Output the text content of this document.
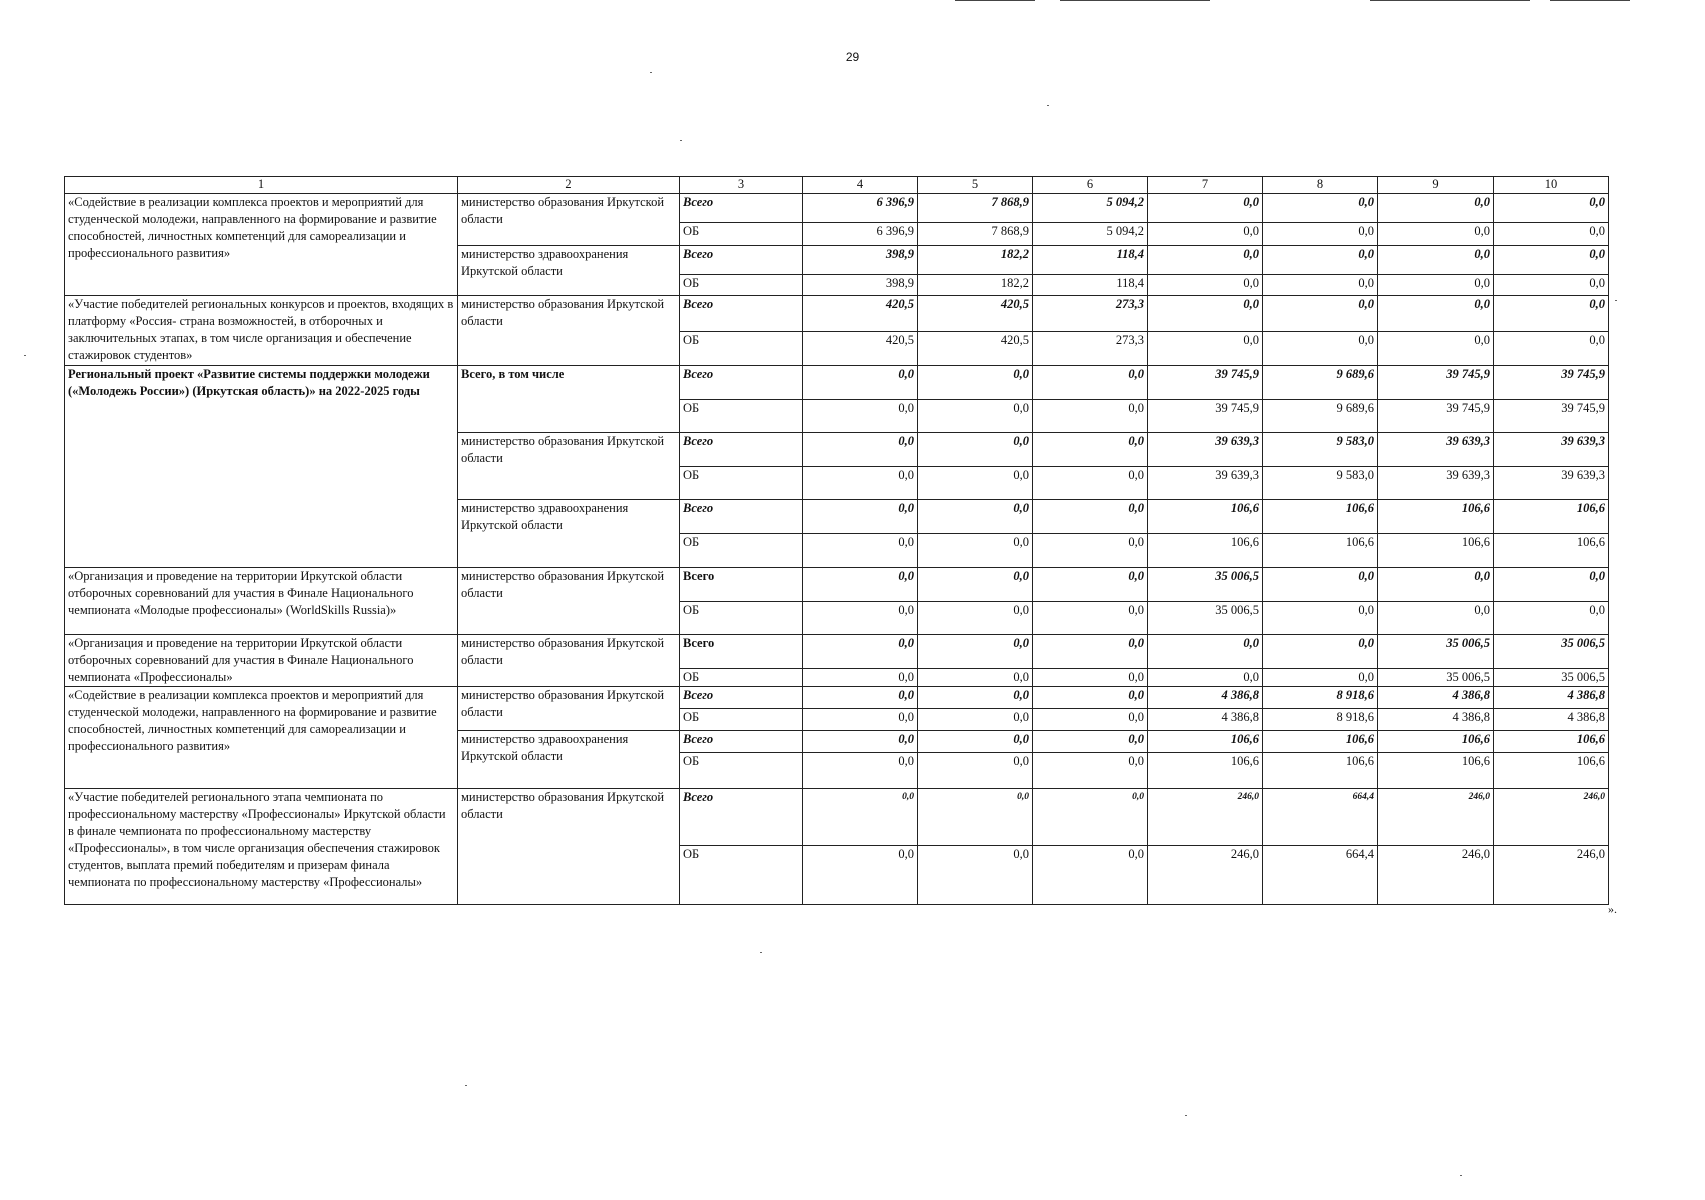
29
1	2	3	4	5	6	7	8	9	10
«Содействие в реализации комплекса проектов и мероприятий для студенческой молодежи, направленного на формирование и развитие способностей, личностных компетенций для самореализации и профессионального развития»	министерство образования Иркутской области	Всего	6 396,9	7 868,9	5 094,2	0,0	0,0	0,0	0,0
		ОБ	6 396,9	7 868,9	5 094,2	0,0	0,0	0,0	0,0
	министерство здравоохранения Иркутской области	Всего	398,9	182,2	118,4	0,0	0,0	0,0	0,0
		ОБ	398,9	182,2	118,4	0,0	0,0	0,0	0,0
«Участие победителей региональных конкурсов и проектов, входящих в платформу «Россия- страна возможностей, в отборочных и заключительных этапах, в том числе организация и обеспечение стажировок студентов»	министерство образования Иркутской области	Всего	420,5	420,5	273,3	0,0	0,0	0,0	0,0
		ОБ	420,5	420,5	273,3	0,0	0,0	0,0	0,0
Региональный проект «Развитие системы поддержки молодежи («Молодежь России») (Иркутская область)» на 2022-2025 годы	Всего, в том числе	Всего	0,0	0,0	0,0	39 745,9	9 689,6	39 745,9	39 745,9
		ОБ	0,0	0,0	0,0	39 745,9	9 689,6	39 745,9	39 745,9
	министерство образования Иркутской области	Всего	0,0	0,0	0,0	39 639,3	9 583,0	39 639,3	39 639,3
		ОБ	0,0	0,0	0,0	39 639,3	9 583,0	39 639,3	39 639,3
	министерство здравоохранения Иркутской области	Всего	0,0	0,0	0,0	106,6	106,6	106,6	106,6
		ОБ	0,0	0,0	0,0	106,6	106,6	106,6	106,6
«Организация и проведение на территории Иркутской области отборочных соревнований для участия в Финале Национального чемпионата «Молодые профессионалы» (WorldSkills Russia)»	министерство образования Иркутской области	Всего	0,0	0,0	0,0	35 006,5	0,0	0,0	0,0
		ОБ	0,0	0,0	0,0	35 006,5	0,0	0,0	0,0
«Организация и проведение на территории Иркутской области отборочных соревнований для участия в Финале Национального чемпионата «Профессионалы»	министерство образования Иркутской области	Всего	0,0	0,0	0,0	0,0	0,0	35 006,5	35 006,5
		ОБ	0,0	0,0	0,0	0,0	0,0	35 006,5	35 006,5
«Содействие в реализации комплекса проектов и мероприятий для студенческой молодежи, направленного на формирование и развитие способностей, личностных компетенций для самореализации и профессионального развития»	министерство образования Иркутской области	Всего	0,0	0,0	0,0	4 386,8	8 918,6	4 386,8	4 386,8
		ОБ	0,0	0,0	0,0	4 386,8	8 918,6	4 386,8	4 386,8
	министерство здравоохранения Иркутской области	Всего	0,0	0,0	0,0	106,6	106,6	106,6	106,6
		ОБ	0,0	0,0	0,0	106,6	106,6	106,6	106,6
«Участие победителей регионального этапа чемпионата по профессиональному мастерству «Профессионалы» Иркутской области в финале чемпионата по профессиональному мастерству «Профессионалы», в том числе организация обеспечения стажировок студентов, выплата премий победителям и призерам финала чемпионата по профессиональному мастерству «Профессионалы»	министерство образования Иркутской области	Всего	0,0	0,0	0,0	246,0	664,4	246,0	246,0
		ОБ	0,0	0,0	0,0	246,0	664,4	246,0	246,0
».
